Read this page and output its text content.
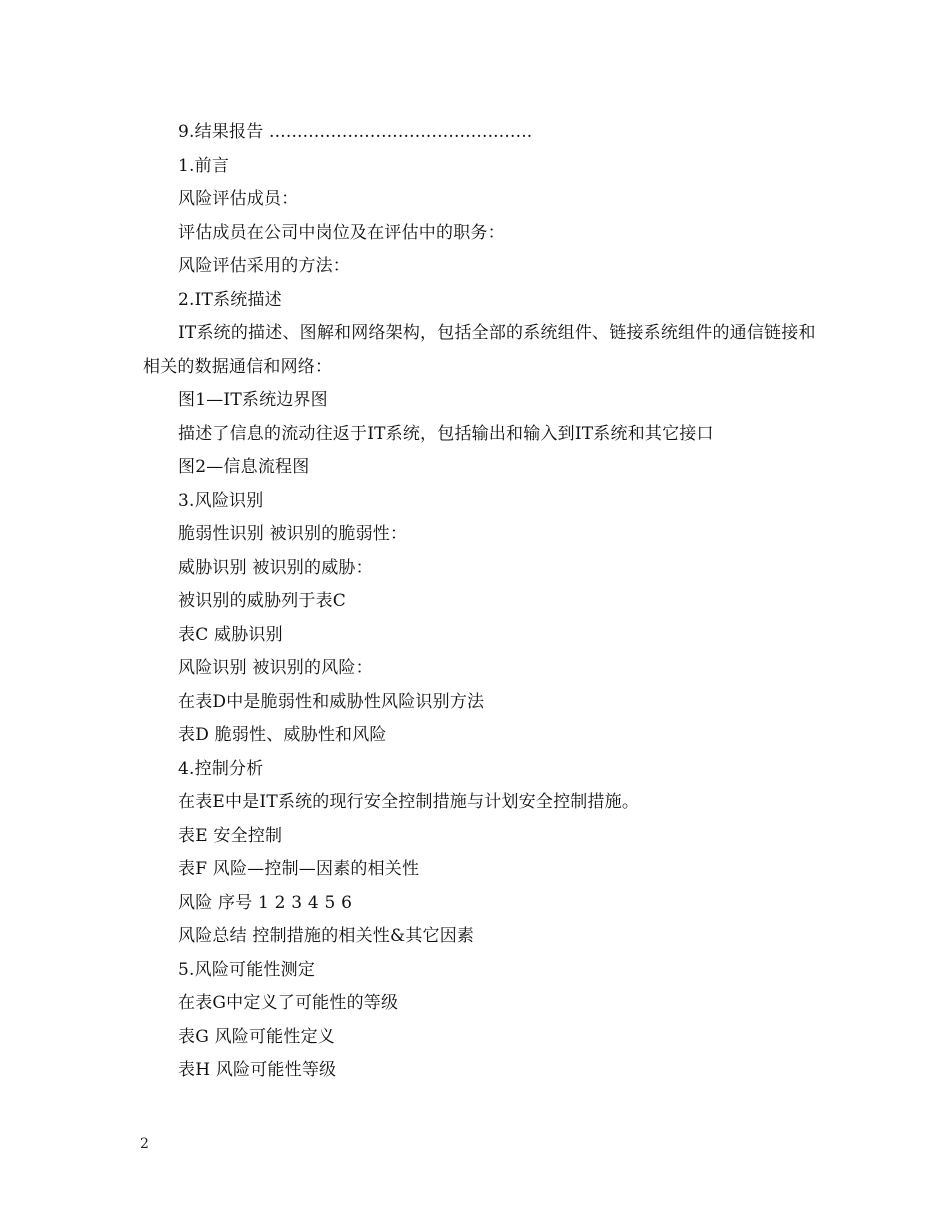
9.结果报告 ...............................................
1.前言
风险评估成员：
评估成员在公司中岗位及在评估中的职务：
风险评估采用的方法：
2.IT系统描述
IT系统的描述、图解和网络架构，包括全部的系统组件、链接系统组件的通信链接和相关的数据通信和网络：
图1—IT系统边界图
描述了信息的流动往返于IT系统，包括输出和输入到IT系统和其它接口
图2—信息流程图
3.风险识别
脆弱性识别 被识别的脆弱性：
威胁识别 被识别的威胁：
被识别的威胁列于表C
表C 威胁识别
风险识别 被识别的风险：
在表D中是脆弱性和威胁性风险识别方法
表D 脆弱性、威胁性和风险
4.控制分析
在表E中是IT系统的现行安全控制措施与计划安全控制措施。
表E 安全控制
表F 风险—控制—因素的相关性
风险 序号 1 2 3 4 5 6
风险总结 控制措施的相关性&其它因素
5.风险可能性测定
在表G中定义了可能性的等级
表G 风险可能性定义
表H 风险可能性等级
2
